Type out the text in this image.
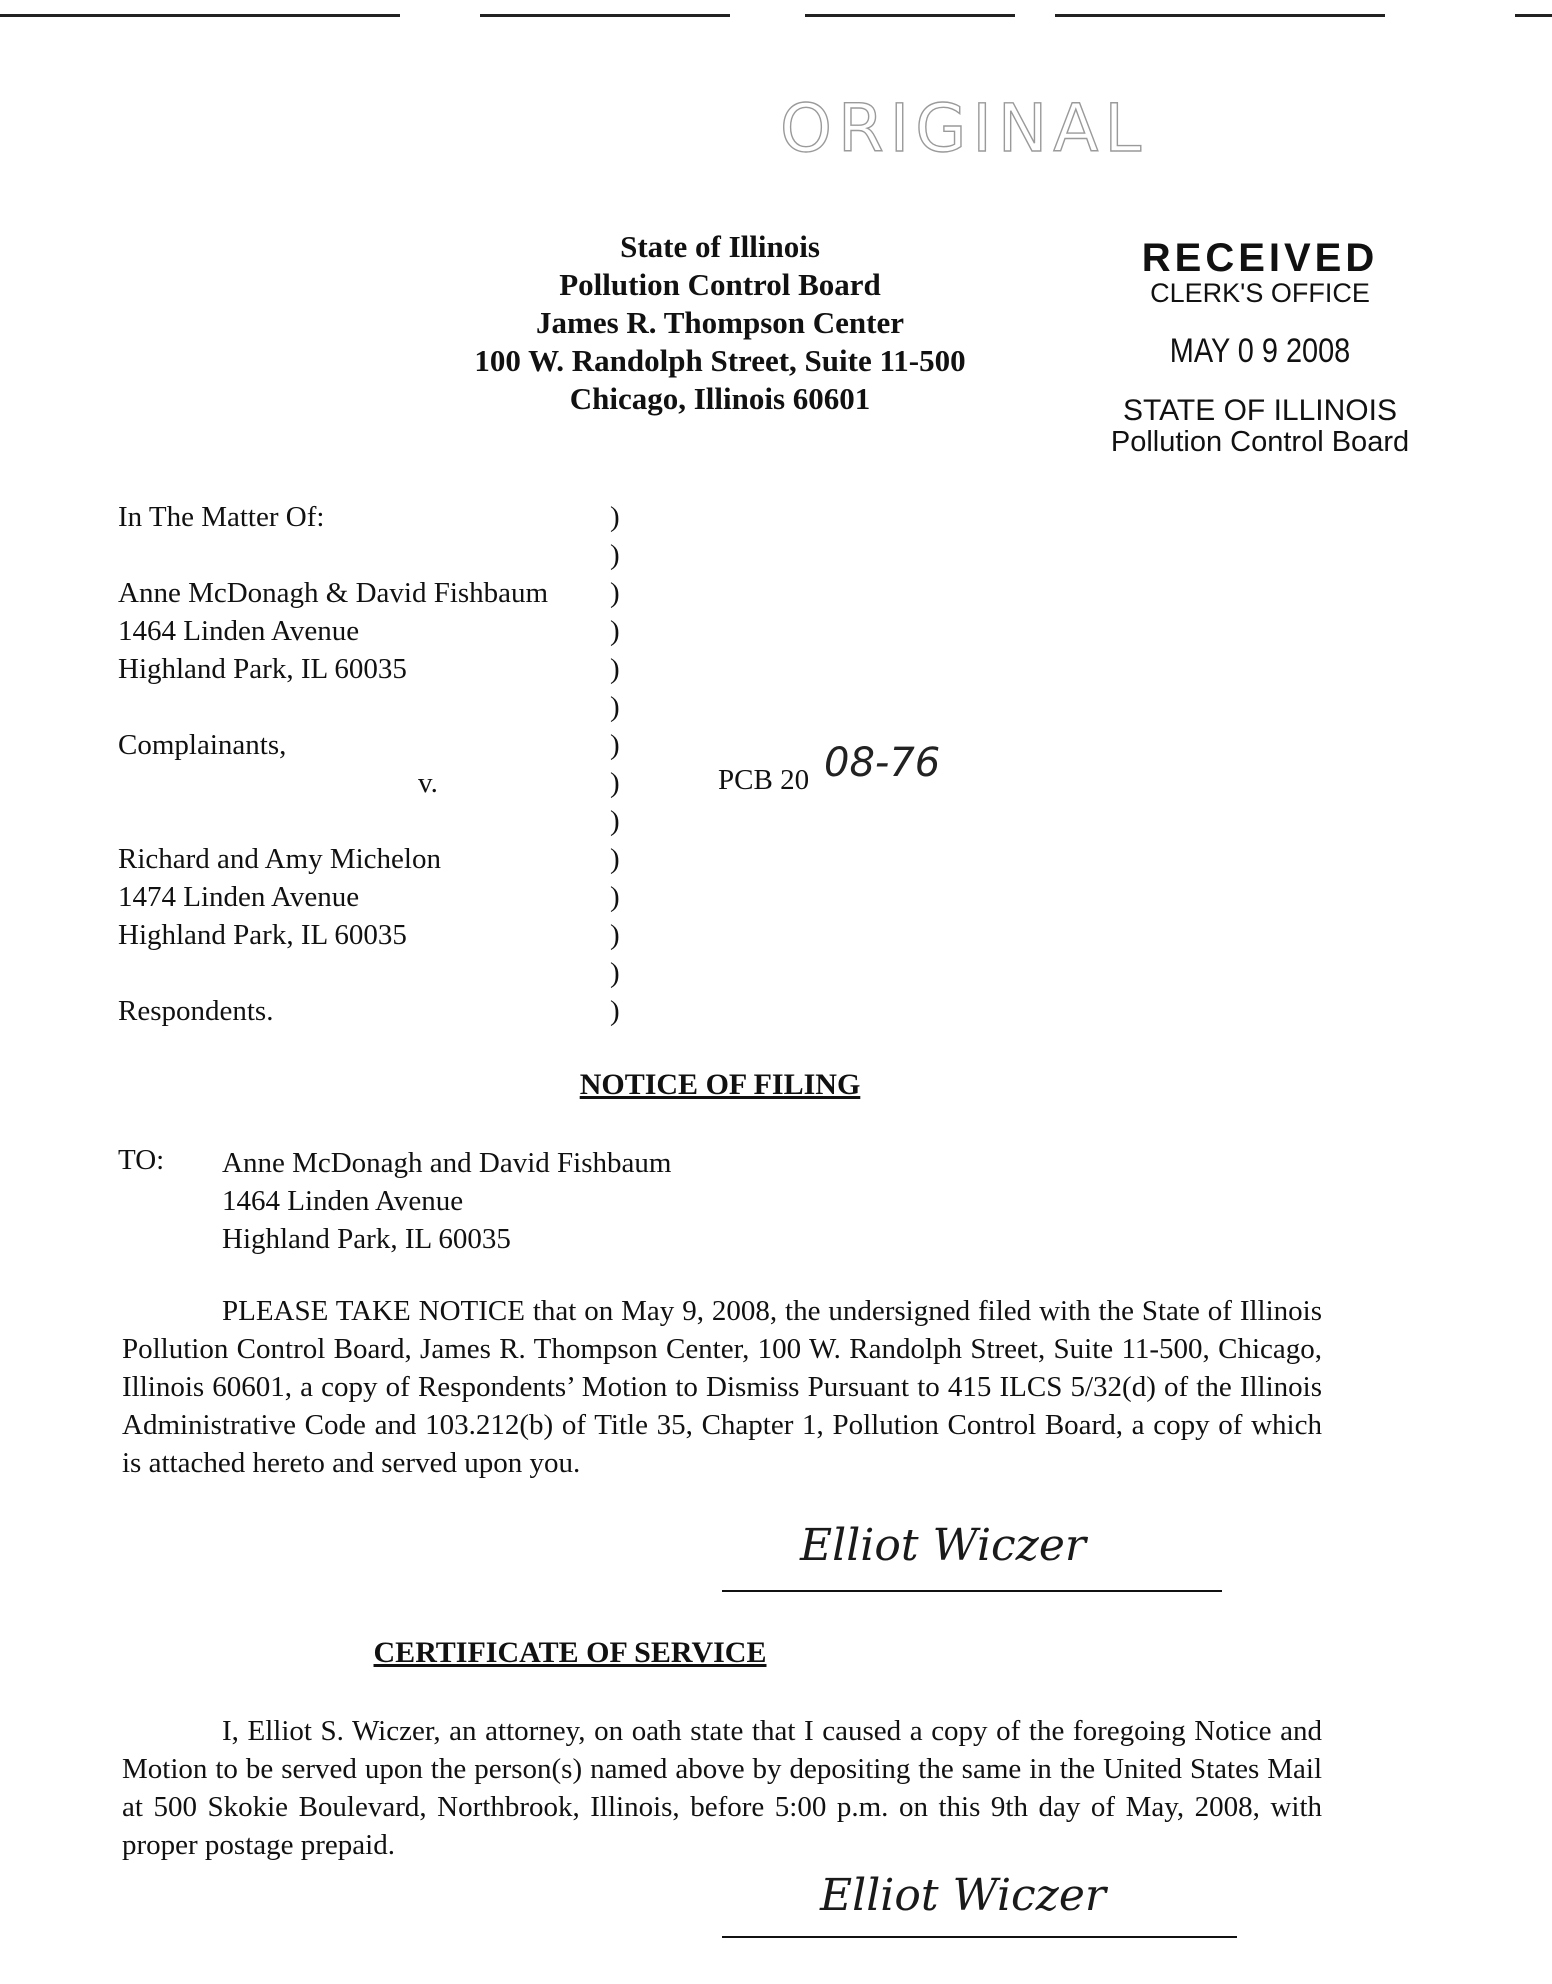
ORIGINAL
State of Illinois
Pollution Control Board
James R. Thompson Center
100 W. Randolph Street, Suite 11-500
Chicago, Illinois 60601
RECEIVED
CLERK'S OFFICE
MAY 0 9 2008
STATE OF ILLINOIS
Pollution Control Board
In The Matter Of:
Anne McDonagh & David Fishbaum
1464 Linden Avenue
Highland Park, IL 60035
Complainants,
v.
Richard and Amy Michelon
1474 Linden Avenue
Highland Park, IL 60035
Respondents.
)
)
)
)
)
)
)
)
)
)
)
)
)
)
PCB 20 08-76
NOTICE OF FILING
TO: Anne McDonagh and David Fishbaum
1464 Linden Avenue
Highland Park, IL 60035
PLEASE TAKE NOTICE that on May 9, 2008, the undersigned filed with the State of Illinois Pollution Control Board, James R. Thompson Center, 100 W. Randolph Street, Suite 11-500, Chicago, Illinois 60601, a copy of Respondents’ Motion to Dismiss Pursuant to 415 ILCS 5/32(d) of the Illinois Administrative Code and 103.212(b) of Title 35, Chapter 1, Pollution Control Board, a copy of which is attached hereto and served upon you.
Elliot Wiczer
CERTIFICATE OF SERVICE
I, Elliot S. Wiczer, an attorney, on oath state that I caused a copy of the foregoing Notice and Motion to be served upon the person(s) named above by depositing the same in the United States Mail at 500 Skokie Boulevard, Northbrook, Illinois, before 5:00 p.m. on this 9th day of May, 2008, with proper postage prepaid.
Elliot Wiczer
